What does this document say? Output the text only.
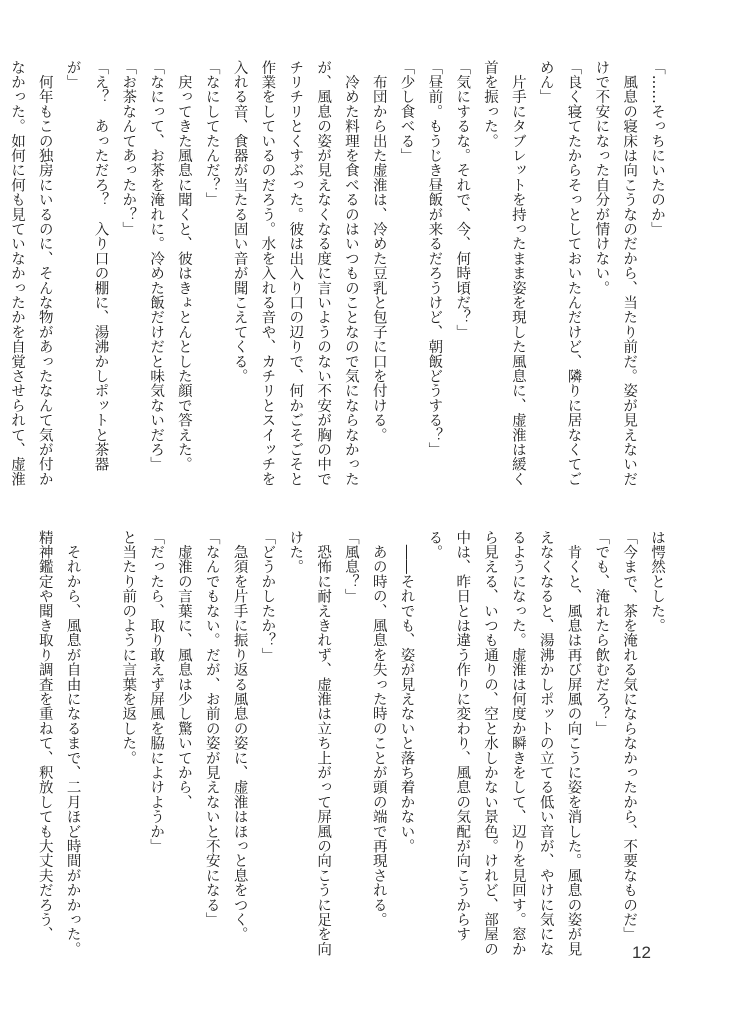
「……そっちにいたのか」

　風息の寝床は向こうなのだから、当たり前だ。姿が見えないだけで不安になった自分が情けない。

「良く寝てたからそっとしておいたんだけど、隣りに居なくてごめん」

　片手にタブレットを持ったまま姿を現した風息に、虚淮は緩く首を振った。

「気にするな。それで、今、何時頃だ？」

「昼前。もうじき昼飯が来るだろうけど、朝飯どうする？」

「少し食べる」

　布団から出た虚淮は、冷めた豆乳と包子に口を付ける。

　冷めた料理を食べるのはいつものことなので気にならなかったが、風息の姿が見えなくなる度に言いようのない不安が胸の中でチリチリとくすぶった。彼は出入り口の辺りで、何かごそごそと作業をしているのだろう。水を入れる音や、カチリとスイッチを入れる音、食器が当たる固い音が聞こえてくる。

「なにしてたんだ？」

　戻ってきた風息に聞くと、彼はきょとんとした顔で答えた。

「なにって、お茶を淹れに。冷めた飯だけだと味気ないだろ」

「お茶なんてあったか？」

「え？　あっただろ？　入り口の棚に、湯沸かしポットと茶器が」

　何年もこの独房にいるのに、そんな物があったなんて気が付かなかった。如何に何も見ていなかったかを自覚させられて、虚淮

は愕然とした。

「今まで、茶を淹れる気にならなかったから、不要なものだ」

「でも、淹れたら飲むだろ？」

　肯くと、風息は再び屏風の向こうに姿を消した。風息の姿が見えなくなると、湯沸かしポットの立てる低い音が、やけに気になるようになった。虚淮は何度か瞬きをして、辺りを見回す。窓から見える、いつも通りの、空と水しかない景色。けれど、部屋の中は、昨日とは違う作りに変わり、風息の気配が向こうからする。

　――それでも、姿が見えないと落ち着かない。

　あの時の、風息を失った時のことが頭の端で再現される。

「風息？」

　恐怖に耐えきれず、虚淮は立ち上がって屏風の向こうに足を向けた。

「どうかしたか？」

　急須を片手に振り返る風息の姿に、虚淮はほっと息をつく。

「なんでもない。だが、お前の姿が見えないと不安になる」

　虚淮の言葉に、風息は少し驚いてから、

「だったら、取り敢えず屏風を脇によけようか」

と当たり前のように言葉を返した。

　それから、風息が自由になるまで、二月ほど時間がかかった。精神鑑定や聞き取り調査を重ねて、釈放しても大丈夫だろう、

12
